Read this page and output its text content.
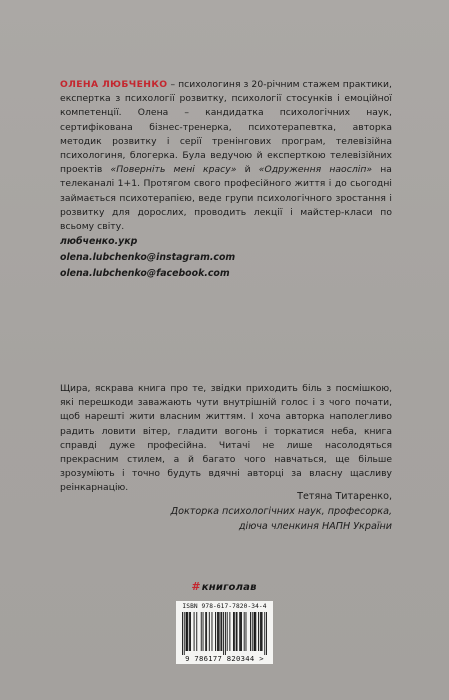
ОЛЕНА ЛЮБЧЕНКО – психологиня з 20-річним стажем практики, експертка з психології розвитку, психології стосунків і емоційної компетенції. Олена – кандидатка психологічних наук, сертифікована бізнес-тренерка, психотерапевтка, авторка методик розвитку і серії тренінгових програм, телевізійна психологиня, блогерка. Була ведучою й експерткою телевізійних проектів «Поверніть мені красу» й «Одруження наосліп» на телеканалі 1+1. Протягом свого професійного життя і до сьогодні займається психотерапією, веде групи психологічного зростання і розвитку для дорослих, проводить лекції і майстер-класи по всьому світу.
любченко.укр
olena.lubchenko@instagram.com
olena.lubchenko@facebook.com
Щира, яскрава книга про те, звідки приходить біль з посмішкою, які перешкоди заважають чути внутрішній голос і з чого почати, щоб нарешті жити власним життям. І хоча авторка наполегливо радить ловити вітер, гладити вогонь і торкатися неба, книга справді дуже професійна. Читачі не лише насолодяться прекрасним стилем, а й багато чого навчаться, ще більше зрозуміють і точно будуть вдячні авторці за власну щасливу реінкарнацію.
Тетяна Титаренко,
Докторка психологічних наук, професорка,
діюча членкиня НАПН України
#книголав
ISBN 978-617-7820-34-4
9 786177 820344 >
